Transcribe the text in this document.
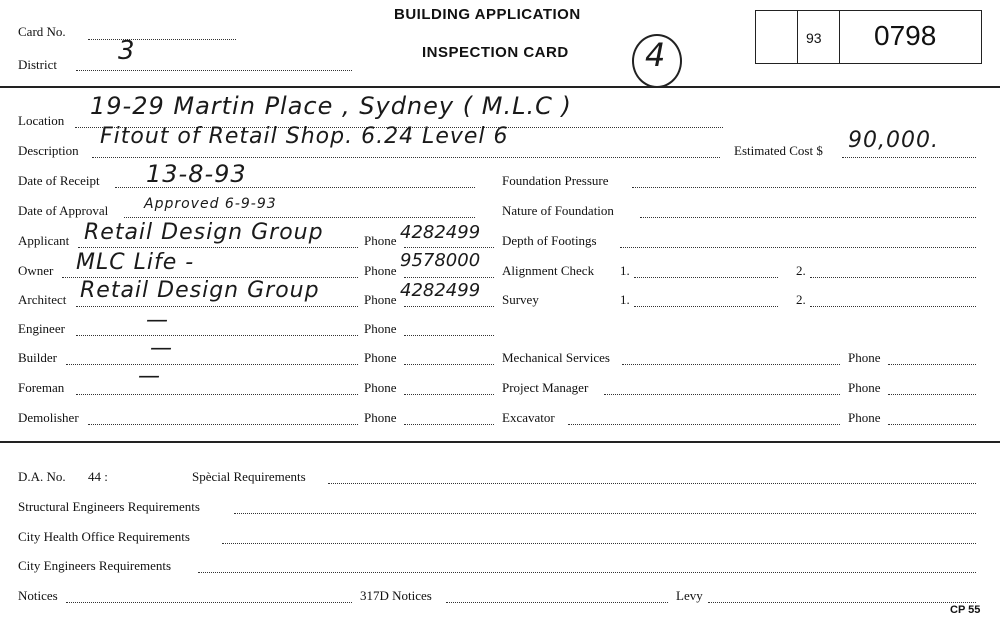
Card No.
District 3
BUILDING APPLICATION
INSPECTION CARD 4	93 0798
Location
19-29 Martin Place , Sydney ( M.L.C )
Description
Fitout of Retail Shop. 6.24 Level 6
Estimated Cost $ 90,000.
Date of Receipt 13-8-93	Foundation Pressure
Date of Approval	Approved 6-9-93	Nature of Foundation
Applicant Retail Design Group	Phone 4282499 Depth of Footings
Owner MLC Life -	Phone 9578000 Alignment Check 1.	2.
Architect Retail Design Group	Phone 4282499 Survey	1.	2.
Engineer	—	Phone
Builder	—	Phone	Mechanical Services	Phone
Foreman	—	Phone	Project Manager	Phone
Demolisher	Phone	Excavator	Phone
D.A. No. 44 :	Spècial Requirements
Structural Engineers Requirements
City Health Office Requirements
City Engineers Requirements
Notices	317D Notices	Levy
CP 55
